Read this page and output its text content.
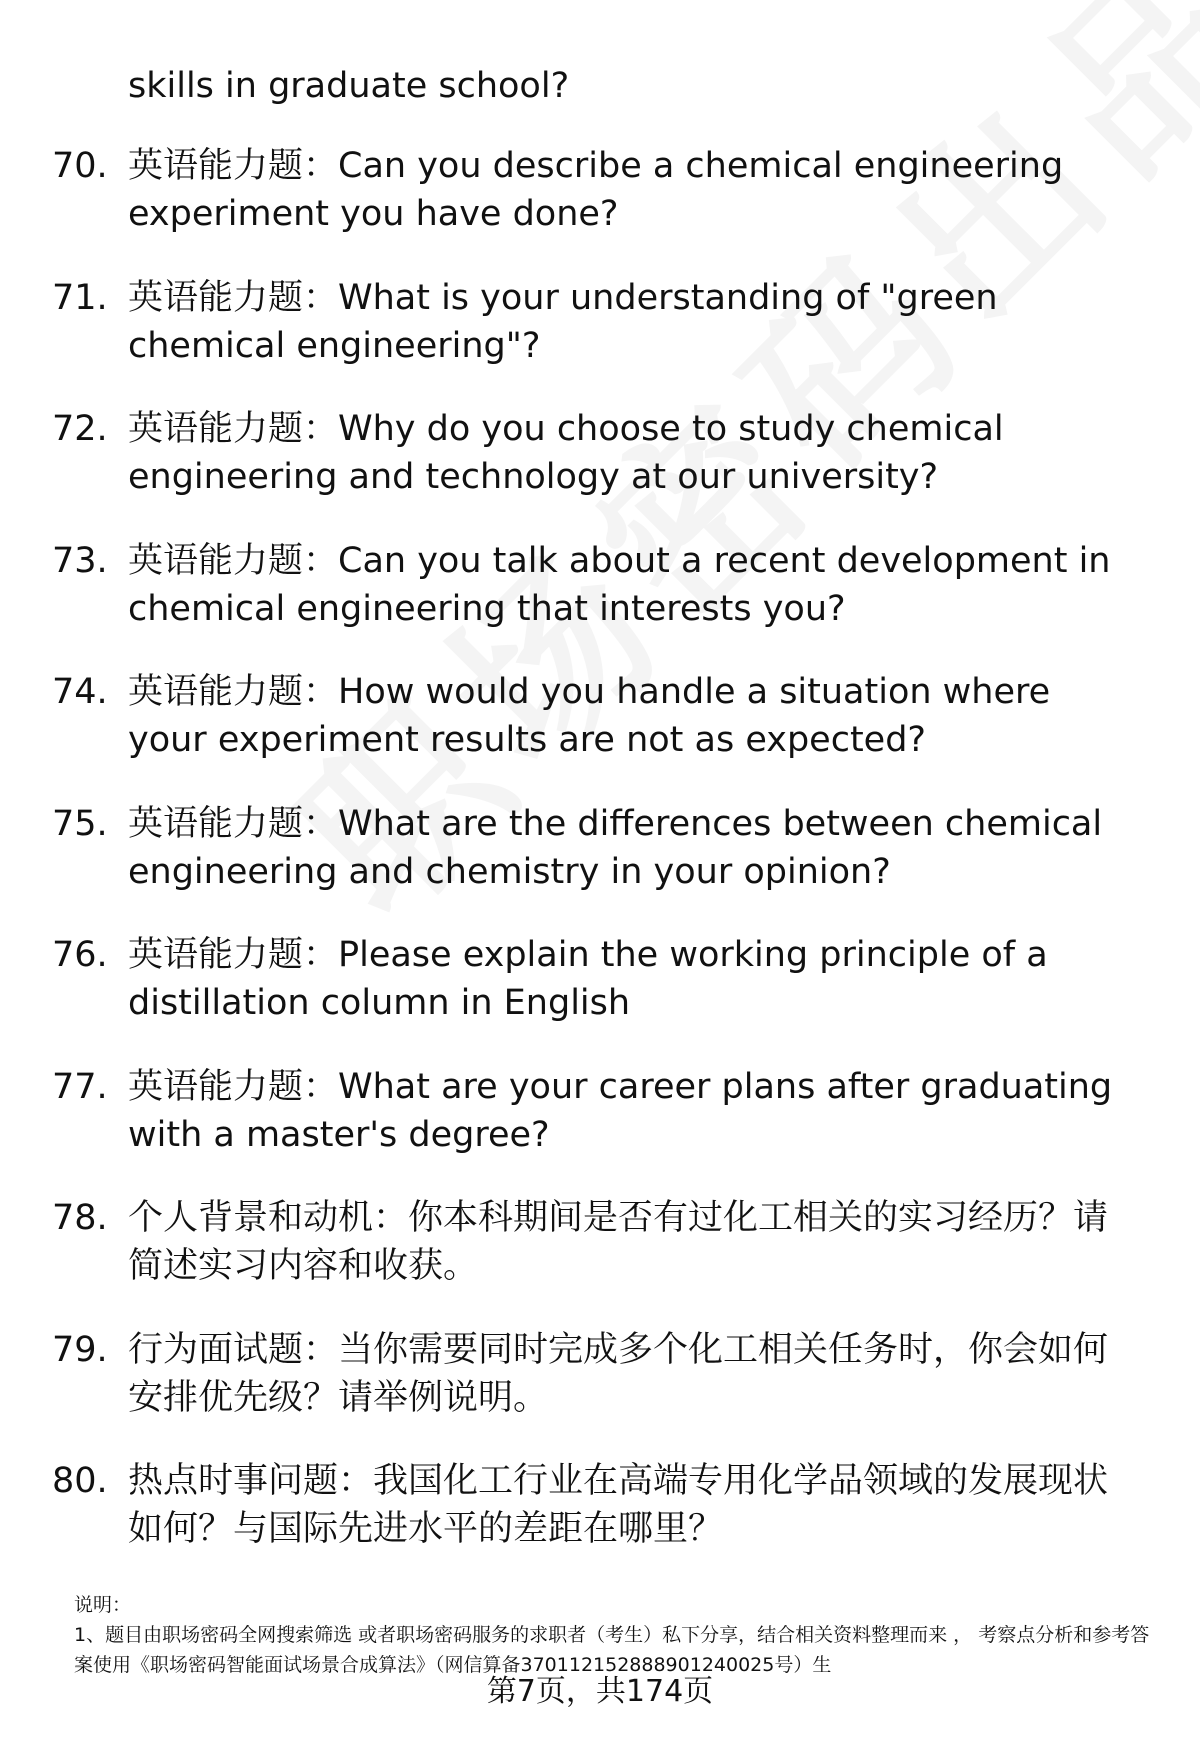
skills in graduate school?
70. 英语能力题：Can you describe a chemical engineering experiment you have done?
71. 英语能力题：What is your understanding of "green chemical engineering"?
72. 英语能力题：Why do you choose to study chemical engineering and technology at our university?
73. 英语能力题：Can you talk about a recent development in chemical engineering that interests you?
74. 英语能力题：How would you handle a situation where your experiment results are not as expected?
75. 英语能力题：What are the differences between chemical engineering and chemistry in your opinion?
76. 英语能力题：Please explain the working principle of a distillation column in English
77. 英语能力题：What are your career plans after graduating with a master's degree?
78. 个人背景和动机：你本科期间是否有过化工相关的实习经历？请简述实习内容和收获。
79. 行为面试题：当你需要同时完成多个化工相关任务时，你会如何安排优先级？请举例说明。
80. 热点时事问题：我国化工行业在高端专用化学品领域的发展现状如何？与国际先进水平的差距在哪里？
说明：
1、题目由职场密码全网搜索筛选 或者职场密码服务的求职者（考生）私下分享，结合相关资料整理而来 ， 考察点分析和参考答案使用《职场密码智能面试场景合成算法》（网信算备370112152888901240025号）生
第7页，共174页
